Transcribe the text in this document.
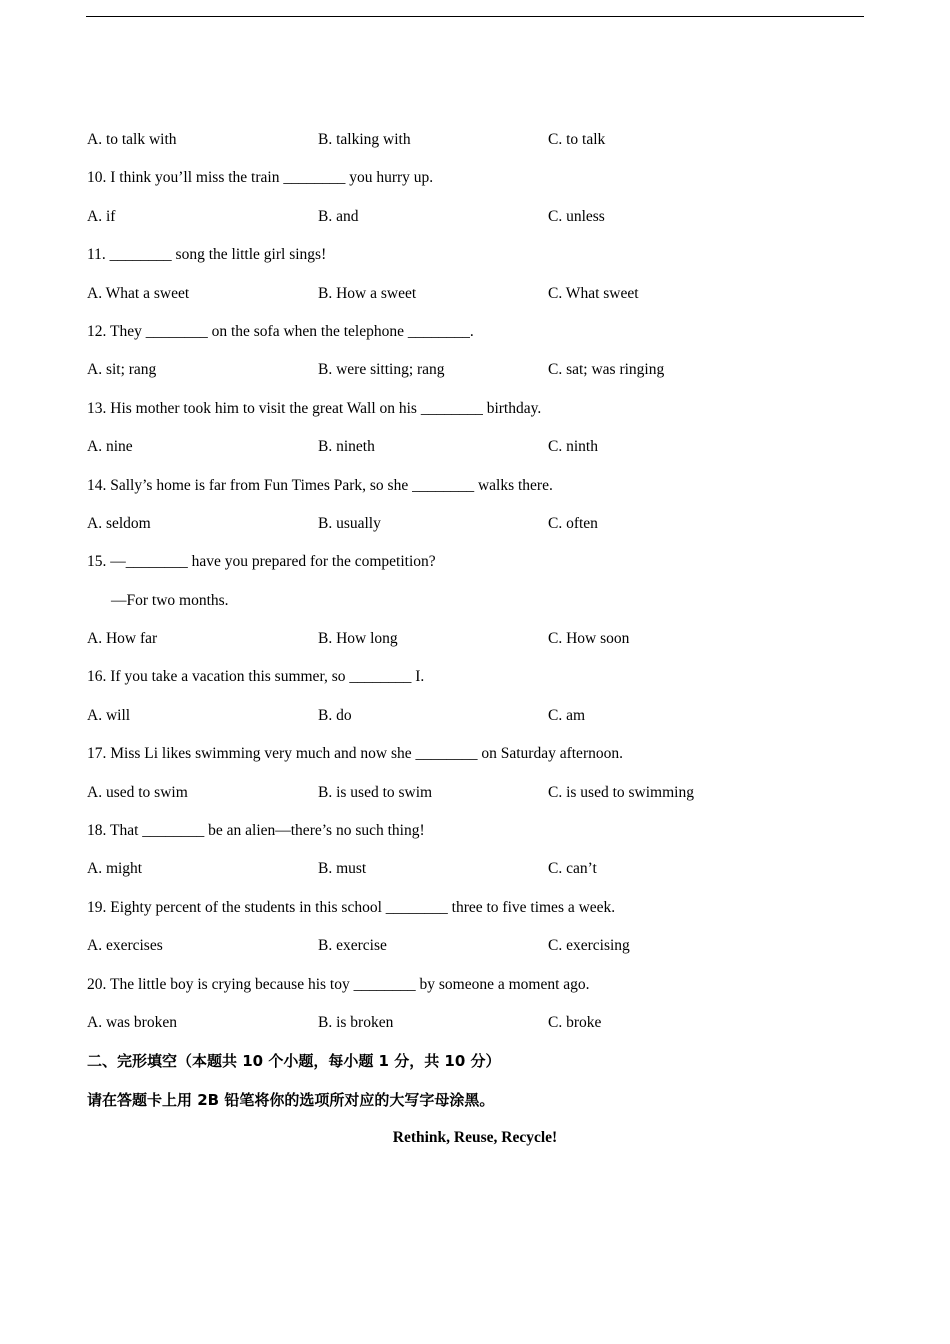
A. to talk with	B. talking with	C. to talk
10. I think you’ll miss the train ________ you hurry up.
A. if	B. and	C. unless
11. ________ song the little girl sings!
A. What a sweet	B. How a sweet	C. What sweet
12. They ________ on the sofa when the telephone ________.
A. sit; rang	B. were sitting; rang	C. sat; was ringing
13. His mother took him to visit the great Wall on his ________ birthday.
A. nine	B. nineth	C. ninth
14. Sally’s home is far from Fun Times Park, so she ________ walks there.
A. seldom	B. usually	C. often
15. —________ have you prepared for the competition?
—For two months.
A. How far	B. How long	C. How soon
16. If you take a vacation this summer, so ________ I.
A. will	B. do	C. am
17. Miss Li likes swimming very much and now she ________ on Saturday afternoon.
A. used to swim	B. is used to swim	C. is used to swimming
18. That ________ be an alien—there’s no such thing!
A. might	B. must	C. can’t
19. Eighty percent of the students in this school ________ three to five times a week.
A. exercises	B. exercise	C. exercising
20. The little boy is crying because his toy ________ by someone a moment ago.
A. was broken	B. is broken	C. broke
二、完形填空（本题共 10 个小题，每小题 1 分，共 10 分）
请在答题卡上用 2B 铅笔将你的选项所对应的大写字母涂黑。
Rethink, Reuse, Recycle!
